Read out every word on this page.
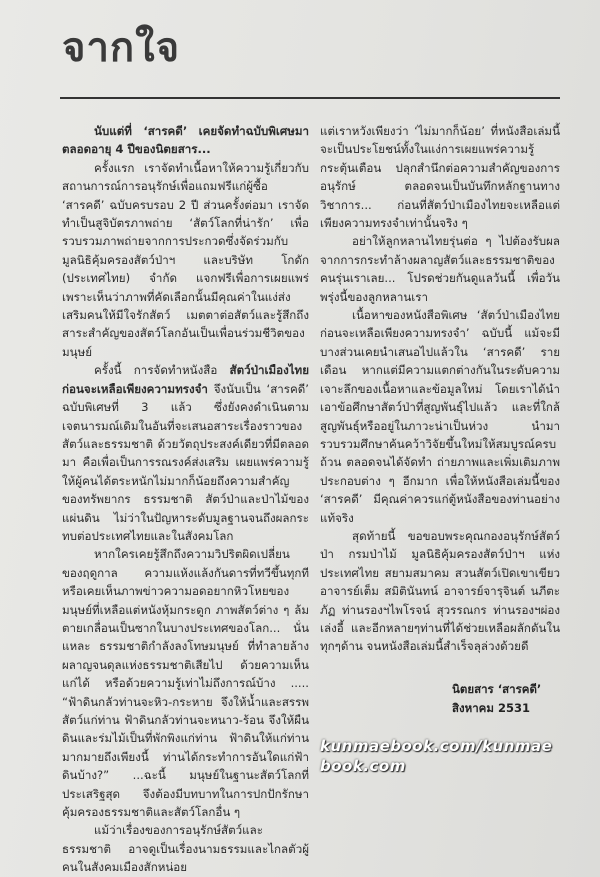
จากใจ

นับแต่ที่ ‘สารคดี’ เคยจัดทำฉบับพิเศษมาตลอดอายุ 4 ปีของนิตยสาร...

ครั้งแรก เราจัดทำเนื้อหาให้ความรู้เกี่ยวกับสถานการณ์การอนุรักษ์เพื่อแถมฟรีแก่ผู้ซื้อ ‘สารคดี’ ฉบับครบรอบ 2 ปี ส่วนครั้งต่อมา เราจัดทำเป็นสูจิบัตรภาพถ่าย ‘สัตว์โลกที่น่ารัก’ เพื่อรวบรวมภาพถ่ายจากการประกวดซึ่งจัดร่วมกับมูลนิธิคุ้มครองสัตว์ป่าฯ และบริษัท โกดัก (ประเทศไทย) จำกัด แจกฟรีเพื่อการเผยแพร่ เพราะเห็นว่าภาพที่คัดเลือกนั้นมีคุณค่าในแง่ส่งเสริมคนให้มีใจรักสัตว์ เมตตาต่อสัตว์และรู้สึกถึงสาระสำคัญของสัตว์โลกอันเป็นเพื่อนร่วมชีวิตของมนุษย์

ครั้งนี้ การจัดทำหนังสือ สัตว์ป่าเมืองไทย ก่อนจะเหลือเพียงความทรงจำ จึงนับเป็น ‘สารคดี’ ฉบับพิเศษที่ 3 แล้ว ซึ่งยังคงดำเนินตามเจตนารมณ์เดิมในอันที่จะเสนอสาระเรื่องราวของสัตว์และธรรมชาติ ด้วยวัตถุประสงค์เดียวที่มีตลอดมา คือเพื่อเป็นการรณรงค์ส่งเสริม เผยแพร่ความรู้ ให้ผู้คนได้ตระหนักไม่มากก็น้อยถึงความสำคัญของทรัพยากร ธรรมชาติ สัตว์ป่าและป่าไม้ของแผ่นดิน ไม่ว่าในปัญหาระดับมูลฐานจนถึงผลกระทบต่อประเทศไทยและในสังคมโลก

หากใครเคยรู้สึกถึงความวิปริตผิดเปลี่ยนของฤดูกาล ความแห้งแล้งกันดารที่ทวีขึ้นทุกที หรือเคยเห็นภาพข่าวความอดอยากหิวโหยของมนุษย์ที่เหลือแต่หนังหุ้มกระดูก ภาพสัตว์ต่าง ๆ ล้มตายเกลื่อนเป็นซากในบางประเทศของโลก... นั่นแหละ ธรรมชาติกำลังลงโทษมนุษย์ ที่ทำลายล้างผลาญจนดุลแห่งธรรมชาติเสียไป ด้วยความเห็นแก่ได้ หรือด้วยความรู้เท่าไม่ถึงการณ์บ้าง ..... “ฟ้าดินกลัวท่านจะหิว-กระหาย จึงให้น้ำและสรรพสัตว์แก่ท่าน ฟ้าดินกลัวท่านจะหนาว-ร้อน จึงให้ผืนดินและร่มไม้เป็นที่พักพิงแก่ท่าน ฟ้าดินให้แก่ท่านมากมายถึงเพียงนี้ ท่านได้กระทำการอันใดแก่ฟ้าดินบ้าง?” ...ฉะนี้ มนุษย์ในฐานะสัตว์โลกที่ประเสริฐสุด จึงต้องมีบทบาทในการปกปักรักษา คุ้มครองธรรมชาติและสัตว์โลกอื่น ๆ

แม้ว่าเรื่องของการอนุรักษ์สัตว์และธรรมชาติ อาจดูเป็นเรื่องนามธรรมและไกลตัวผู้คนในสังคมเมืองสักหน่อย

แต่เราหวังเพียงว่า ‘ไม่มากก็น้อย’ ที่หนังสือเล่มนี้จะเป็นประโยชน์ทั้งในแง่การเผยแพร่ความรู้ กระตุ้นเตือน ปลุกสำนึกต่อความสำคัญของการอนุรักษ์ ตลอดจนเป็นบันทึกหลักฐานทางวิชาการ... ก่อนที่สัตว์ป่าเมืองไทยจะเหลือแต่เพียงความทรงจำเท่านั้นจริง ๆ

อย่าให้ลูกหลานไทยรุ่นต่อ ๆ ไปต้องรับผลจากการกระทำล้างผลาญสัตว์และธรรมชาติของคนรุ่นเราเลย... โปรดช่วยกันดูแลวันนี้ เพื่อวันพรุ่งนี้ของลูกหลานเรา

เนื้อหาของหนังสือพิเศษ ‘สัตว์ป่าเมืองไทย ก่อนจะเหลือเพียงความทรงจำ’ ฉบับนี้ แม้จะมีบางส่วนเคยนำเสนอไปแล้วใน ‘สารคดี’ รายเดือน หากแต่มีความแตกต่างกันในระดับความเจาะลึกของเนื้อหาและข้อมูลใหม่ โดยเราได้นำเอาข้อศึกษาสัตว์ป่าที่สูญพันธุ์ไปแล้ว และที่ใกล้สูญพันธุ์หรืออยู่ในภาวะน่าเป็นห่วง นำมารวบรวมศึกษาค้นคว้าวิจัยขึ้นใหม่ให้สมบูรณ์ครบถ้วน ตลอดจนได้จัดทำ ถ่ายภาพและเพิ่มเติมภาพประกอบต่าง ๆ อีกมาก เพื่อให้หนังสือเล่มนี้ของ ‘สารคดี’ มีคุณค่าควรแก่ตู้หนังสือของท่านอย่างแท้จริง

สุดท้ายนี้ ขอขอบพระคุณกองอนุรักษ์สัตว์ป่า กรมป่าไม้ มูลนิธิคุ้มครองสัตว์ป่าฯ แห่งประเทศไทย สยามสมาคม สวนสัตว์เปิดเขาเขียว อาจารย์เต็ม สมิตินันทน์ อาจารย์จารุจินต์ นภีตะภัฏ ท่านรองฯไพโรจน์ สุวรรณกร ท่านรองฯผ่อง เล่งอี้ และอีกหลายๆท่านที่ได้ช่วยเหลือผลักดันในทุกๆด้าน จนหนังสือเล่มนี้สำเร็จลุล่วงด้วยดี

นิตยสาร ‘สารคดี’
สิงหาคม 2531
kunmaebook.com/kunmaebook.com
